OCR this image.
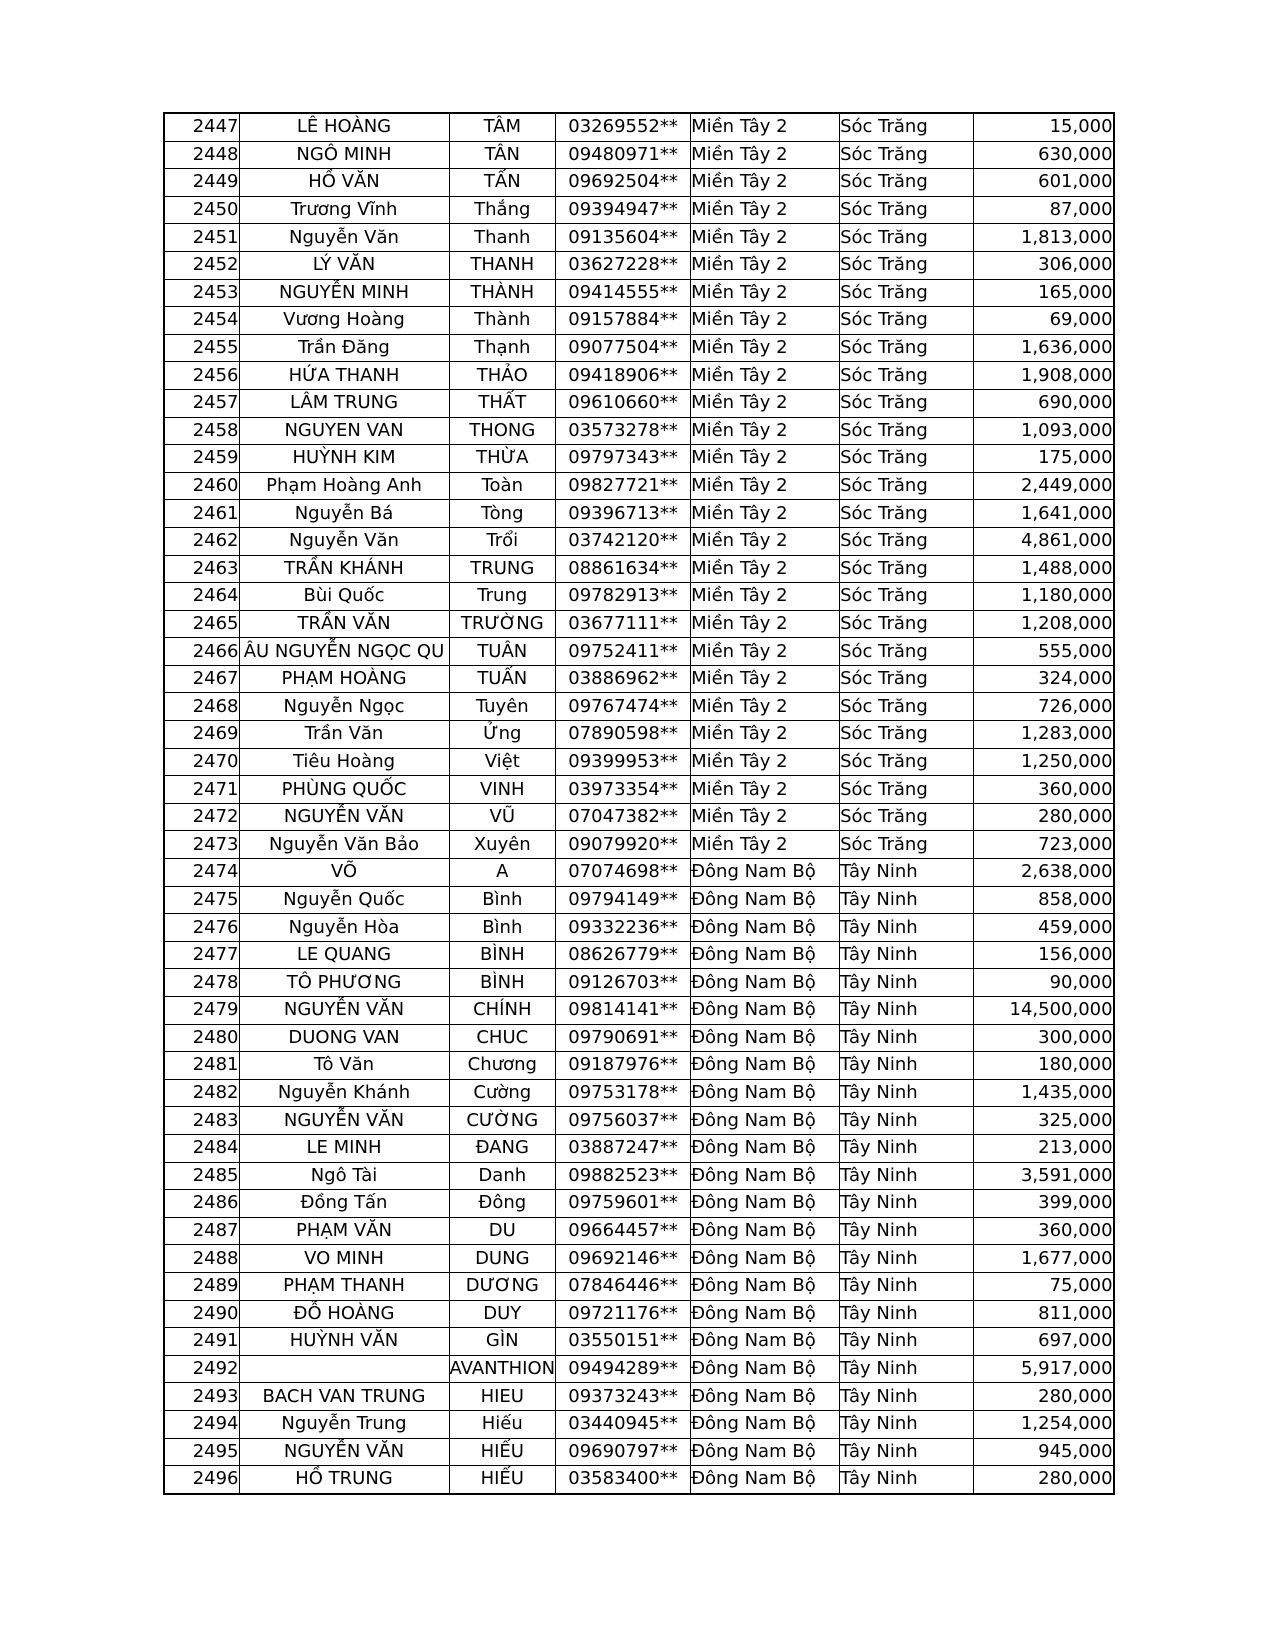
2447	LÊ HOÀNG	TÂM	03269552**	Miền Tây 2	Sóc Trăng	15,000
2448	NGÔ MINH	TÂN	09480971**	Miền Tây 2	Sóc Trăng	630,000
2449	HỒ VĂN	TẤN	09692504**	Miền Tây 2	Sóc Trăng	601,000
2450	Trương Vĩnh	Thắng	09394947**	Miền Tây 2	Sóc Trăng	87,000
2451	Nguyễn Văn	Thanh	09135604**	Miền Tây 2	Sóc Trăng	1,813,000
2452	LÝ VĂN	THANH	03627228**	Miền Tây 2	Sóc Trăng	306,000
2453	NGUYỄN MINH	THÀNH	09414555**	Miền Tây 2	Sóc Trăng	165,000
2454	Vương Hoàng	Thành	09157884**	Miền Tây 2	Sóc Trăng	69,000
2455	Trần Đăng	Thạnh	09077504**	Miền Tây 2	Sóc Trăng	1,636,000
2456	HỨA THANH	THẢO	09418906**	Miền Tây 2	Sóc Trăng	1,908,000
2457	LÂM TRUNG	THẤT	09610660**	Miền Tây 2	Sóc Trăng	690,000
2458	NGUYEN VAN	THONG	03573278**	Miền Tây 2	Sóc Trăng	1,093,000
2459	HUỲNH KIM	THỪA	09797343**	Miền Tây 2	Sóc Trăng	175,000
2460	Phạm Hoàng Anh	Toàn	09827721**	Miền Tây 2	Sóc Trăng	2,449,000
2461	Nguyễn Bá	Tòng	09396713**	Miền Tây 2	Sóc Trăng	1,641,000
2462	Nguyễn Văn	Trổi	03742120**	Miền Tây 2	Sóc Trăng	4,861,000
2463	TRẦN KHÁNH	TRUNG	08861634**	Miền Tây 2	Sóc Trăng	1,488,000
2464	Bùi Quốc	Trung	09782913**	Miền Tây 2	Sóc Trăng	1,180,000
2465	TRẦN VĂN	TRƯỜNG	03677111**	Miền Tây 2	Sóc Trăng	1,208,000
2466	ÂU NGUYỄN NGỌC QU	TUÂN	09752411**	Miền Tây 2	Sóc Trăng	555,000
2467	PHẠM HOÀNG	TUẤN	03886962**	Miền Tây 2	Sóc Trăng	324,000
2468	Nguyễn Ngọc	Tuyên	09767474**	Miền Tây 2	Sóc Trăng	726,000
2469	Trần Văn	Ửng	07890598**	Miền Tây 2	Sóc Trăng	1,283,000
2470	Tiêu Hoàng	Việt	09399953**	Miền Tây 2	Sóc Trăng	1,250,000
2471	PHÙNG QUỐC	VINH	03973354**	Miền Tây 2	Sóc Trăng	360,000
2472	NGUYỄN VĂN	VŨ	07047382**	Miền Tây 2	Sóc Trăng	280,000
2473	Nguyễn Văn Bảo	Xuyên	09079920**	Miền Tây 2	Sóc Trăng	723,000
2474	VÕ	A	07074698**	Đông Nam Bộ	Tây Ninh	2,638,000
2475	Nguyễn Quốc	Bình	09794149**	Đông Nam Bộ	Tây Ninh	858,000
2476	Nguyễn Hòa	Bình	09332236**	Đông Nam Bộ	Tây Ninh	459,000
2477	LE QUANG	BÌNH	08626779**	Đông Nam Bộ	Tây Ninh	156,000
2478	TÔ PHƯƠNG	BÌNH	09126703**	Đông Nam Bộ	Tây Ninh	90,000
2479	NGUYỄN VĂN	CHÍNH	09814141**	Đông Nam Bộ	Tây Ninh	14,500,000
2480	DUONG VAN	CHUC	09790691**	Đông Nam Bộ	Tây Ninh	300,000
2481	Tô Văn	Chương	09187976**	Đông Nam Bộ	Tây Ninh	180,000
2482	Nguyễn Khánh	Cường	09753178**	Đông Nam Bộ	Tây Ninh	1,435,000
2483	NGUYỄN VĂN	CƯỜNG	09756037**	Đông Nam Bộ	Tây Ninh	325,000
2484	LE MINH	ĐANG	03887247**	Đông Nam Bộ	Tây Ninh	213,000
2485	Ngô Tài	Danh	09882523**	Đông Nam Bộ	Tây Ninh	3,591,000
2486	Đồng Tấn	Đông	09759601**	Đông Nam Bộ	Tây Ninh	399,000
2487	PHẠM VĂN	DU	09664457**	Đông Nam Bộ	Tây Ninh	360,000
2488	VO MINH	DUNG	09692146**	Đông Nam Bộ	Tây Ninh	1,677,000
2489	PHẠM THANH	DƯƠNG	07846446**	Đông Nam Bộ	Tây Ninh	75,000
2490	ĐỖ HOÀNG	DUY	09721176**	Đông Nam Bộ	Tây Ninh	811,000
2491	HUỲNH VĂN	GÌN	03550151**	Đông Nam Bộ	Tây Ninh	697,000
2492		AVANTHION	09494289**	Đông Nam Bộ	Tây Ninh	5,917,000
2493	BACH VAN TRUNG	HIEU	09373243**	Đông Nam Bộ	Tây Ninh	280,000
2494	Nguyễn Trung	Hiếu	03440945**	Đông Nam Bộ	Tây Ninh	1,254,000
2495	NGUYỄN VĂN	HIẾU	09690797**	Đông Nam Bộ	Tây Ninh	945,000
2496	HỒ TRUNG	HIẾU	03583400**	Đông Nam Bộ	Tây Ninh	280,000
